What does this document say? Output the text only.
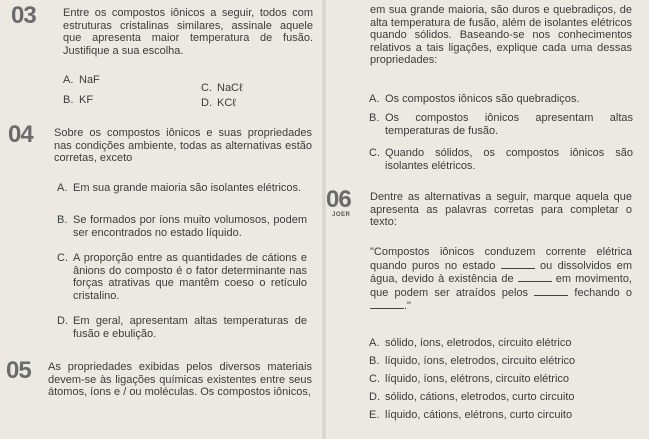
03 Entre os compostos iônicos a seguir, todos com estruturas cristalinas similares, assinale aquele que apresenta maior temperatura de fusão. Justifique a sua escolha.
A. NaF
B. KF
C. NaCℓ
D. KCℓ
04 Sobre os compostos iônicos e suas propriedades nas condições ambiente, todas as alternativas estão corretas, exceto
A. Em sua grande maioria são isolantes elétricos.
B. Se formados por íons muito volumosos, podem ser encontrados no estado líquido.
C. A proporção entre as quantidades de cátions e ânions do composto é o fator determinante nas forças atrativas que mantêm coeso o retículo cristalino.
D. Em geral, apresentam altas temperaturas de fusão e ebulição.
05 As propriedades exibidas pelos diversos materiais devem-se às ligações químicas existentes entre seus átomos, íons e / ou moléculas. Os compostos iônicos,
em sua grande maioria, são duros e quebradiços, de alta temperatura de fusão, além de isolantes elétricos quando sólidos. Baseando-se nos conhecimentos relativos a tais ligações, explique cada uma dessas propriedades:
A. Os compostos iônicos são quebradiços.
B. Os compostos iônicos apresentam altas temperaturas de fusão.
C. Quando sólidos, os compostos iônicos são isolantes elétricos.
06
JOER
Dentre as alternativas a seguir, marque aquela que apresenta as palavras corretas para completar o texto:
"Compostos iônicos conduzem corrente elétrica quando puros no estado	ou dissolvidos em água, devido à existência de	em movimento, que podem ser atraídos pelos	fechando o ."
A. sólido, íons, eletrodos, circuito elétrico
B. líquido, íons, eletrodos, circuito elétrico
C. líquido, íons, elétrons, circuito elétrico
D. sólido, cátions, eletrodos, curto circuito
E. líquido, cátions, elétrons, curto circuito
